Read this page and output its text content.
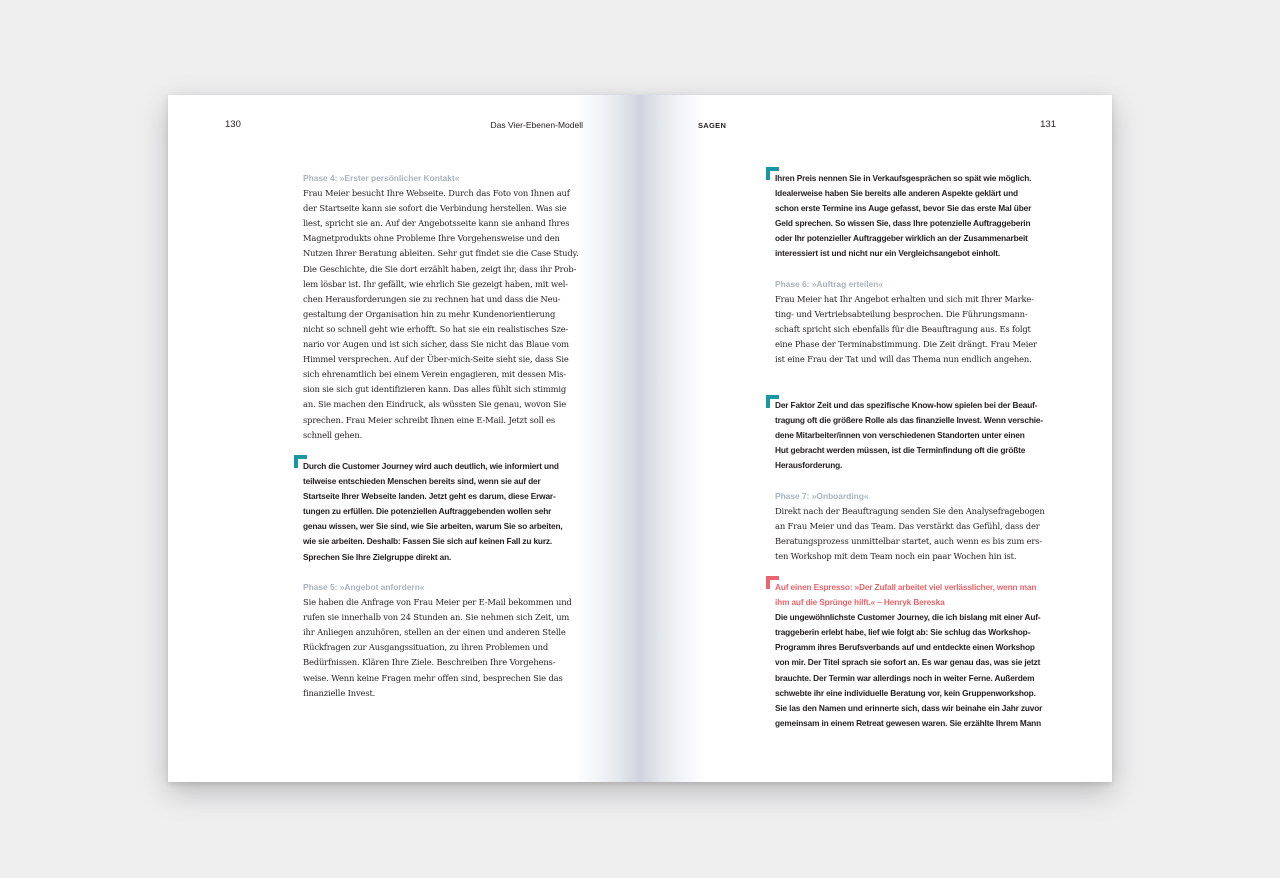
130	Das Vier-Ebenen-Modell
Phase 4: »Erster persönlicher Kontakt«
Frau Meier besucht Ihre Webseite. Durch das Foto von Ihnen auf
der Startseite kann sie sofort die Verbindung herstellen. Was sie
liest, spricht sie an. Auf der Angebotsseite kann sie anhand Ihres
Magnetprodukts ohne Probleme Ihre Vorgehensweise und den
Nutzen Ihrer Beratung ableiten. Sehr gut findet sie die Case Study.
Die Geschichte, die Sie dort erzählt haben, zeigt ihr, dass ihr Prob-
lem lösbar ist. Ihr gefällt, wie ehrlich Sie gezeigt haben, mit wel-
chen Herausforderungen sie zu rechnen hat und dass die Neu-
gestaltung der Organisation hin zu mehr Kundenorientierung
nicht so schnell geht wie erhofft. So hat sie ein realistisches Sze-
nario vor Augen und ist sich sicher, dass Sie nicht das Blaue vom
Himmel versprechen. Auf der Über-mich-Seite sieht sie, dass Sie
sich ehrenamtlich bei einem Verein engagieren, mit dessen Mis-
sion sie sich gut identifizieren kann. Das alles fühlt sich stimmig
an. Sie machen den Eindruck, als wüssten Sie genau, wovon Sie
sprechen. Frau Meier schreibt Ihnen eine E-Mail. Jetzt soll es
schnell gehen.
Durch die Customer Journey wird auch deutlich, wie informiert und
teilweise entschieden Menschen bereits sind, wenn sie auf der
Startseite Ihrer Webseite landen. Jetzt geht es darum, diese Erwar-
tungen zu erfüllen. Die potenziellen Auftraggebenden wollen sehr
genau wissen, wer Sie sind, wie Sie arbeiten, warum Sie so arbeiten,
wie sie arbeiten. Deshalb: Fassen Sie sich auf keinen Fall zu kurz.
Sprechen Sie Ihre Zielgruppe direkt an.
Phase 5: »Angebot anfordern«
Sie haben die Anfrage von Frau Meier per E-Mail bekommen und
rufen sie innerhalb von 24 Stunden an. Sie nehmen sich Zeit, um
ihr Anliegen anzuhören, stellen an der einen und anderen Stelle
Rückfragen zur Ausgangssituation, zu ihren Problemen und
Bedürfnissen. Klären Ihre Ziele. Beschreiben Ihre Vorgehens-
weise. Wenn keine Fragen mehr offen sind, besprechen Sie das
finanzielle Invest.
SAGEN	131
Ihren Preis nennen Sie in Verkaufsgesprächen so spät wie möglich.
Idealerweise haben Sie bereits alle anderen Aspekte geklärt und
schon erste Termine ins Auge gefasst, bevor Sie das erste Mal über
Geld sprechen. So wissen Sie, dass Ihre potenzielle Auftraggeberin
oder Ihr potenzieller Auftraggeber wirklich an der Zusammenarbeit
interessiert ist und nicht nur ein Vergleichsangebot einholt.
Phase 6: »Auftrag erteilen«
Frau Meier hat Ihr Angebot erhalten und sich mit Ihrer Marke-
ting- und Vertriebsabteilung besprochen. Die Führungsmann-
schaft spricht sich ebenfalls für die Beauftragung aus. Es folgt
eine Phase der Terminabstimmung. Die Zeit drängt. Frau Meier
ist eine Frau der Tat und will das Thema nun endlich angehen.
Der Faktor Zeit und das spezifische Know-how spielen bei der Beauf-
tragung oft die größere Rolle als das finanzielle Invest. Wenn verschie-
dene Mitarbeiter/innen von verschiedenen Standorten unter einen
Hut gebracht werden müssen, ist die Terminfindung oft die größte
Herausforderung.
Phase 7: »Onboarding«
Direkt nach der Beauftragung senden Sie den Analysefragebogen
an Frau Meier und das Team. Das verstärkt das Gefühl, dass der
Beratungsprozess unmittelbar startet, auch wenn es bis zum ers-
ten Workshop mit dem Team noch ein paar Wochen hin ist.
Auf einen Espresso: »Der Zufall arbeitet viel verlässlicher, wenn man
ihm auf die Sprünge hilft.« – Henryk Bereska
Die ungewöhnlichste Customer Journey, die ich bislang mit einer Auf-
traggeberin erlebt habe, lief wie folgt ab: Sie schlug das Workshop-
Programm ihres Berufsverbands auf und entdeckte einen Workshop
von mir. Der Titel sprach sie sofort an. Es war genau das, was sie jetzt
brauchte. Der Termin war allerdings noch in weiter Ferne. Außerdem
schwebte ihr eine individuelle Beratung vor, kein Gruppenworkshop.
Sie las den Namen und erinnerte sich, dass wir beinahe ein Jahr zuvor
gemeinsam in einem Retreat gewesen waren. Sie erzählte Ihrem Mann
